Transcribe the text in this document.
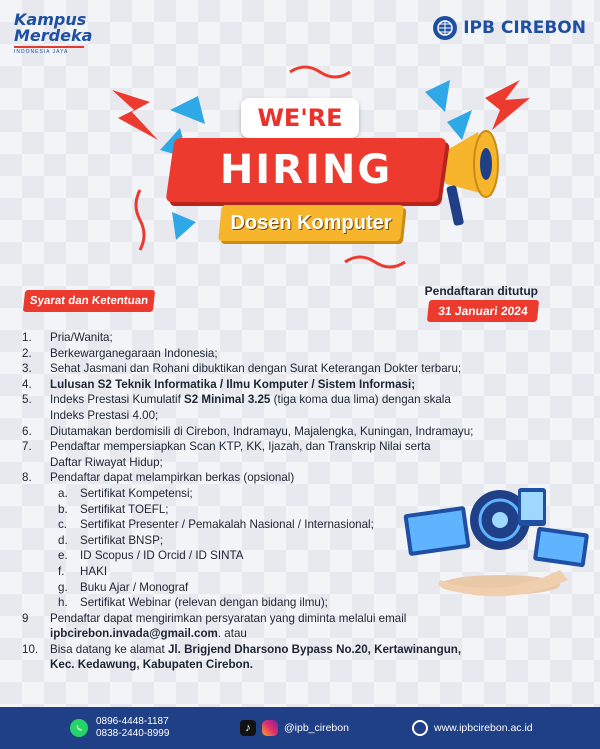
Kampus
Merdeka
INDONESIA JAYA
IPB CIREBON
WE'RE
HIRING
Dosen Komputer
Pendaftaran ditutup
31 Januari 2024
Syarat dan Ketentuan
1.	Pria/Wanita;
2.	Berkewarganegaraan Indonesia;
3.	Sehat Jasmani dan Rohani dibuktikan dengan Surat Keterangan Dokter terbaru;
4.	Lulusan S2 Teknik Informatika / Ilmu Komputer / Sistem Informasi;
5.	Indeks Prestasi Kumulatif S2 Minimal 3.25 (tiga koma dua lima) dengan skala
Indeks Prestasi 4.00;
6.	Diutamakan berdomisili di Cirebon, Indramayu, Majalengka, Kuningan, Indramayu;
7.	Pendaftar mempersiapkan Scan KTP, KK, Ijazah, dan Transkrip Nilai serta
Daftar Riwayat Hidup;
8.	Pendaftar dapat melampirkan berkas (opsional)
a.	Sertifikat Kompetensi;
b.	Sertifikat TOEFL;
c.	Sertifikat Presenter / Pemakalah Nasional / Internasional;
d.	Sertifikat BNSP;
e.	ID Scopus / ID Orcid / ID SINTA
f.	HAKI
g.	Buku Ajar / Monograf
h.	Sertifikat Webinar (relevan dengan bidang ilmu);
9	Pendaftar dapat mengirimkan persyaratan yang diminta melalui email
ipbcirebon.invada@gmail.com. atau
10.	Bisa datang ke alamat Jl. Brigjend Dharsono Bypass No.20, Kertawinangun,
Kec. Kedawung, Kabupaten Cirebon.
0896-4448-1187
0838-2440-8999	♪	@ipb_cirebon	www.ipbcirebon.ac.id
